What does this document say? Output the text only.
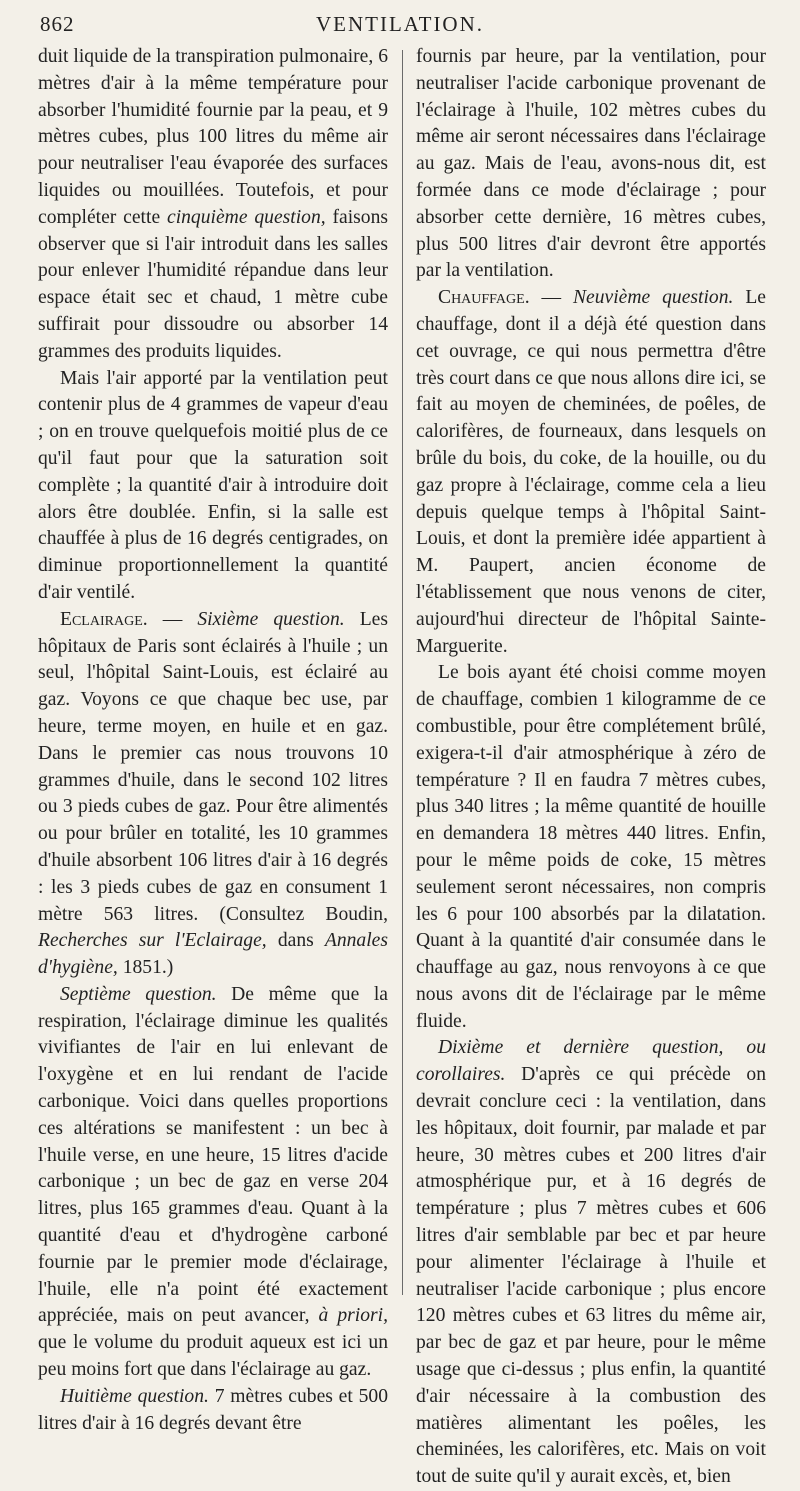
862	VENTILATION.

duit liquide de la transpiration pulmonaire, 6 mètres d'air à la même température pour absorber l'humidité fournie par la peau, et 9 mètres cubes, plus 100 litres du même air pour neutraliser l'eau évaporée des surfaces liquides ou mouillées. Toutefois, et pour compléter cette cinquième question, faisons observer que si l'air introduit dans les salles pour enlever l'humidité répandue dans leur espace était sec et chaud, 1 mètre cube suffirait pour dissoudre ou absorber 14 grammes des produits liquides.

Mais l'air apporté par la ventilation peut contenir plus de 4 grammes de vapeur d'eau ; on en trouve quelquefois moitié plus de ce qu'il faut pour que la saturation soit complète ; la quantité d'air à introduire doit alors être doublée. Enfin, si la salle est chauffée à plus de 16 degrés centigrades, on diminue proportionnellement la quantité d'air ventilé.

Eclairage. — Sixième question. Les hôpitaux de Paris sont éclairés à l'huile ; un seul, l'hôpital Saint-Louis, est éclairé au gaz. Voyons ce que chaque bec use, par heure, terme moyen, en huile et en gaz. Dans le premier cas nous trouvons 10 grammes d'huile, dans le second 102 litres ou 3 pieds cubes de gaz. Pour être alimentés ou pour brûler en totalité, les 10 grammes d'huile absorbent 106 litres d'air à 16 degrés : les 3 pieds cubes de gaz en consument 1 mètre 563 litres. (Consultez Boudin, Recherches sur l'Eclairage, dans Annales d'hygiène, 1851.)

Septième question. De même que la respiration, l'éclairage diminue les qualités vivifiantes de l'air en lui enlevant de l'oxygène et en lui rendant de l'acide carbonique. Voici dans quelles proportions ces altérations se manifestent : un bec à l'huile verse, en une heure, 15 litres d'acide carbonique ; un bec de gaz en verse 204 litres, plus 165 grammes d'eau. Quant à la quantité d'eau et d'hydrogène carboné fournie par le premier mode d'éclairage, l'huile, elle n'a point été exactement appréciée, mais on peut avancer, à priori, que le volume du produit aqueux est ici un peu moins fort que dans l'éclairage au gaz.

Huitième question. 7 mètres cubes et 500 litres d'air à 16 degrés devant être

fournis par heure, par la ventilation, pour neutraliser l'acide carbonique provenant de l'éclairage à l'huile, 102 mètres cubes du même air seront nécessaires dans l'éclairage au gaz. Mais de l'eau, avons-nous dit, est formée dans ce mode d'éclairage ; pour absorber cette dernière, 16 mètres cubes, plus 500 litres d'air devront être apportés par la ventilation.

Chauffage. — Neuvième question. Le chauffage, dont il a déjà été question dans cet ouvrage, ce qui nous permettra d'être très court dans ce que nous allons dire ici, se fait au moyen de cheminées, de poêles, de calorifères, de fourneaux, dans lesquels on brûle du bois, du coke, de la houille, ou du gaz propre à l'éclairage, comme cela a lieu depuis quelque temps à l'hôpital Saint-Louis, et dont la première idée appartient à M. Paupert, ancien économe de l'établissement que nous venons de citer, aujourd'hui directeur de l'hôpital Sainte-Marguerite.

Le bois ayant été choisi comme moyen de chauffage, combien 1 kilogramme de ce combustible, pour être complétement brûlé, exigera-t-il d'air atmosphérique à zéro de température ? Il en faudra 7 mètres cubes, plus 340 litres ; la même quantité de houille en demandera 18 mètres 440 litres. Enfin, pour le même poids de coke, 15 mètres seulement seront nécessaires, non compris les 6 pour 100 absorbés par la dilatation. Quant à la quantité d'air consumée dans le chauffage au gaz, nous renvoyons à ce que nous avons dit de l'éclairage par le même fluide.

Dixième et dernière question, ou corollaires. D'après ce qui précède on devrait conclure ceci : la ventilation, dans les hôpitaux, doit fournir, par malade et par heure, 30 mètres cubes et 200 litres d'air atmosphérique pur, et à 16 degrés de température ; plus 7 mètres cubes et 606 litres d'air semblable par bec et par heure pour alimenter l'éclairage à l'huile et neutraliser l'acide carbonique ; plus encore 120 mètres cubes et 63 litres du même air, par bec de gaz et par heure, pour le même usage que ci-dessus ; plus enfin, la quantité d'air nécessaire à la combustion des matières alimentant les poêles, les cheminées, les calorifères, etc. Mais on voit tout de suite qu'il y aurait excès, et, bien
